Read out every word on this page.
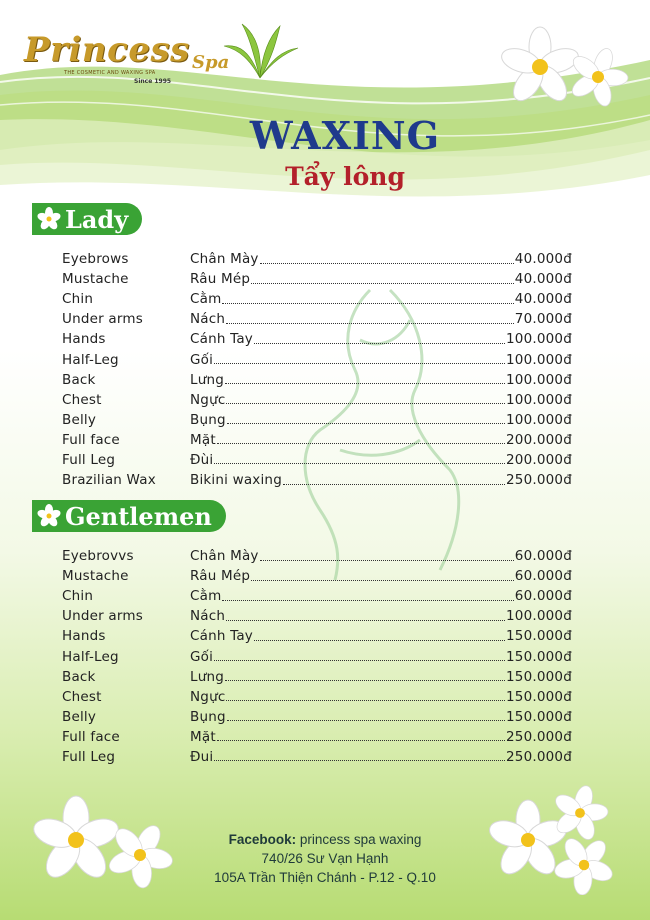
Princess Spa
THE COSMETIC AND WAXING SPA
Since 1995
WAXING
Tẩy lông
Lady
Eyebrows	Chân Mày	40.000đ
Mustache	Râu Mép	40.000đ
Chin	Cằm	40.000đ
Under arms	Nách	70.000đ
Hands	Cánh Tay	100.000đ
Half-Leg	Gối	100.000đ
Back	Lưng	100.000đ
Chest	Ngực	100.000đ
Belly	Bụng	100.000đ
Full face	Mặt	200.000đ
Full Leg	Đùi	200.000đ
Brazilian Wax	Bikini waxing	250.000đ
Gentlemen
Eyebrovvs	Chân Mày	60.000đ
Mustache	Râu Mép	60.000đ
Chin	Cằm	60.000đ
Under arms	Nách	100.000đ
Hands	Cánh Tay	150.000đ
Half-Leg	Gối	150.000đ
Back	Lưng	150.000đ
Chest	Ngực	150.000đ
Belly	Bụng	150.000đ
Full face	Mặt	250.000đ
Full Leg	Đui	250.000đ
Facebook: princess spa waxing
740/26 Sư Vạn Hạnh
105A Trần Thiện Chánh - P.12 - Q.10
